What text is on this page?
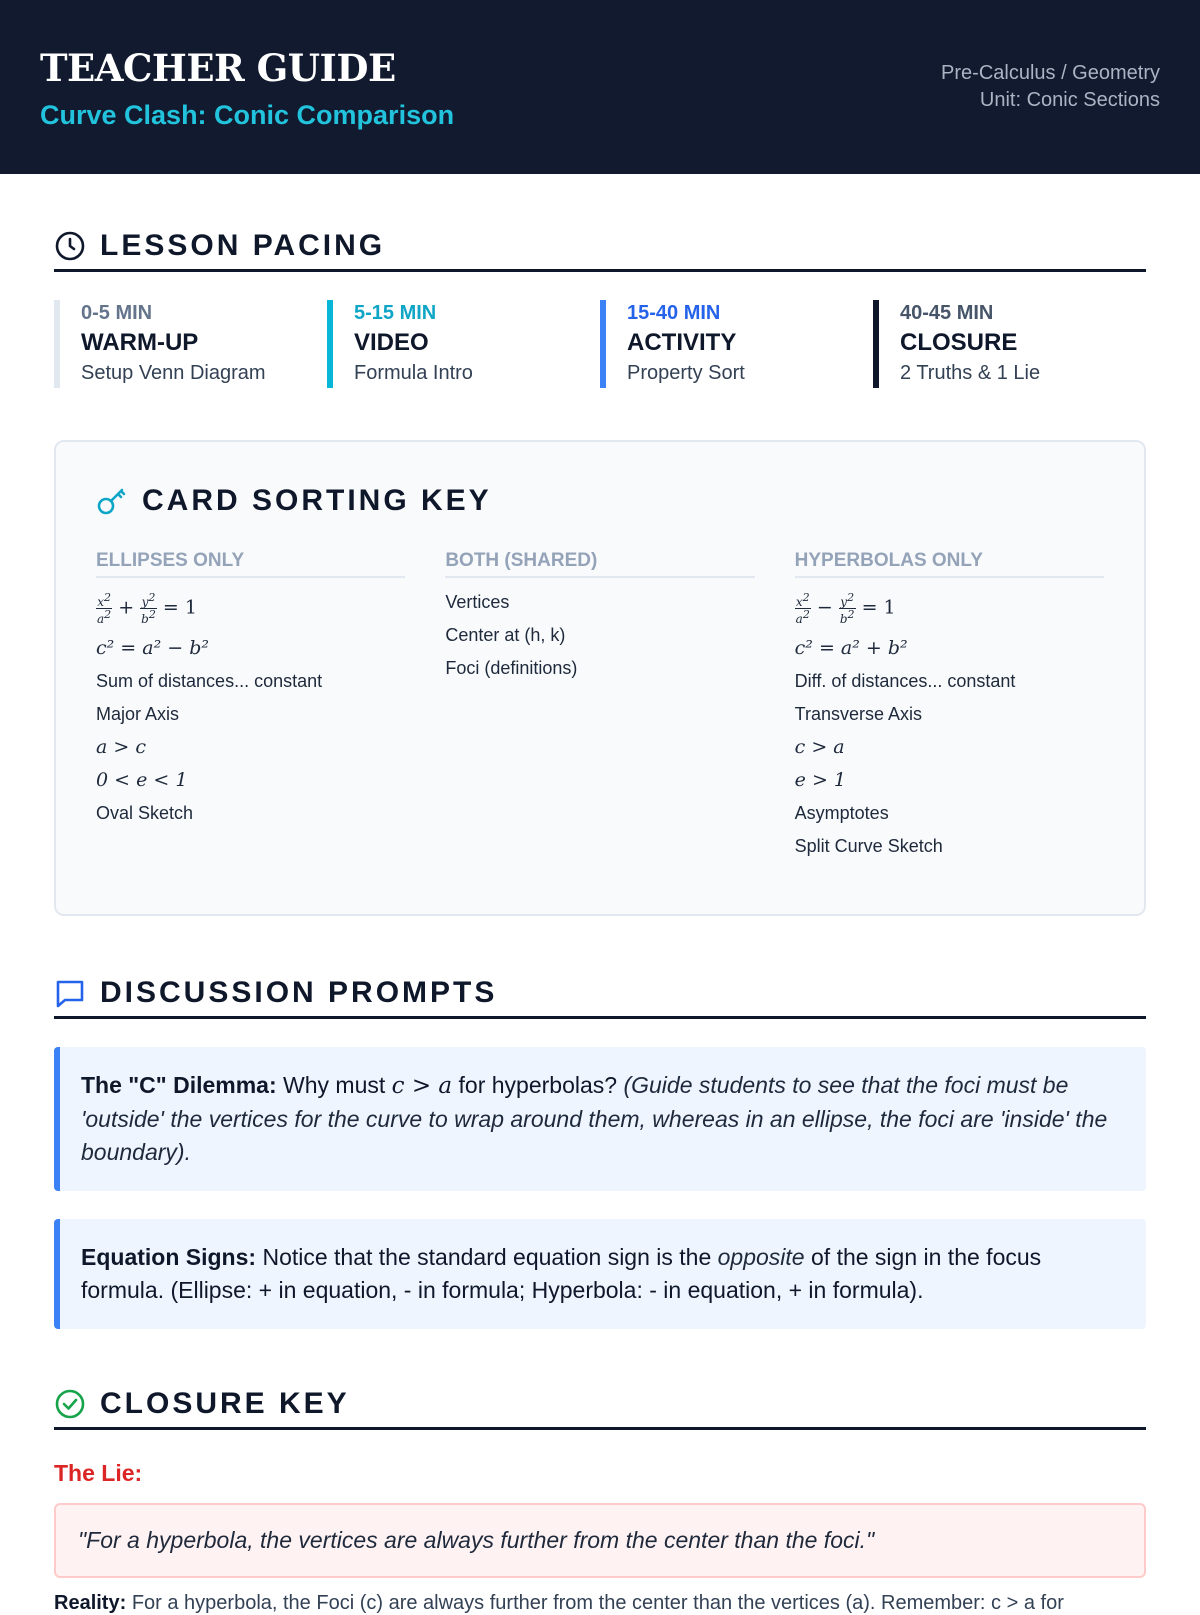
TEACHER GUIDE
Curve Clash: Conic Comparison
Pre-Calculus / Geometry
Unit: Conic Sections
LESSON PACING
0-5 MIN
WARM-UP
Setup Venn Diagram
5-15 MIN
VIDEO
Formula Intro
15-40 MIN
ACTIVITY
Property Sort
40-45 MIN
CLOSURE
2 Truths & 1 Lie
CARD SORTING KEY
ELLIPSES ONLY
$\frac{x^2}{a^2} + \frac{y^2}{b^2} = 1$
c² = a² − b²
Sum of distances... constant
Major Axis
a > c
0 < e < 1
Oval Sketch
BOTH (SHARED)
Vertices
Center at (h, k)
Foci (definitions)
HYPERBOLAS ONLY
$\frac{x^2}{a^2} - \frac{y^2}{b^2} = 1$
c² = a² + b²
Diff. of distances... constant
Transverse Axis
c > a
e > 1
Asymptotes
Split Curve Sketch
DISCUSSION PROMPTS
The "C" Dilemma: Why must c > a for hyperbolas? (Guide students to see that the foci must be 'outside' the vertices for the curve to wrap around them, whereas in an ellipse, the foci are 'inside' the boundary).
Equation Signs: Notice that the standard equation sign is the opposite of the sign in the focus formula. (Ellipse: + in equation, - in formula; Hyperbola: - in equation, + in formula).
CLOSURE KEY
The Lie:
"For a hyperbola, the vertices are always further from the center than the foci."
Reality: For a hyperbola, the Foci (c) are always further from the center than the vertices (a). Remember: c > a for
